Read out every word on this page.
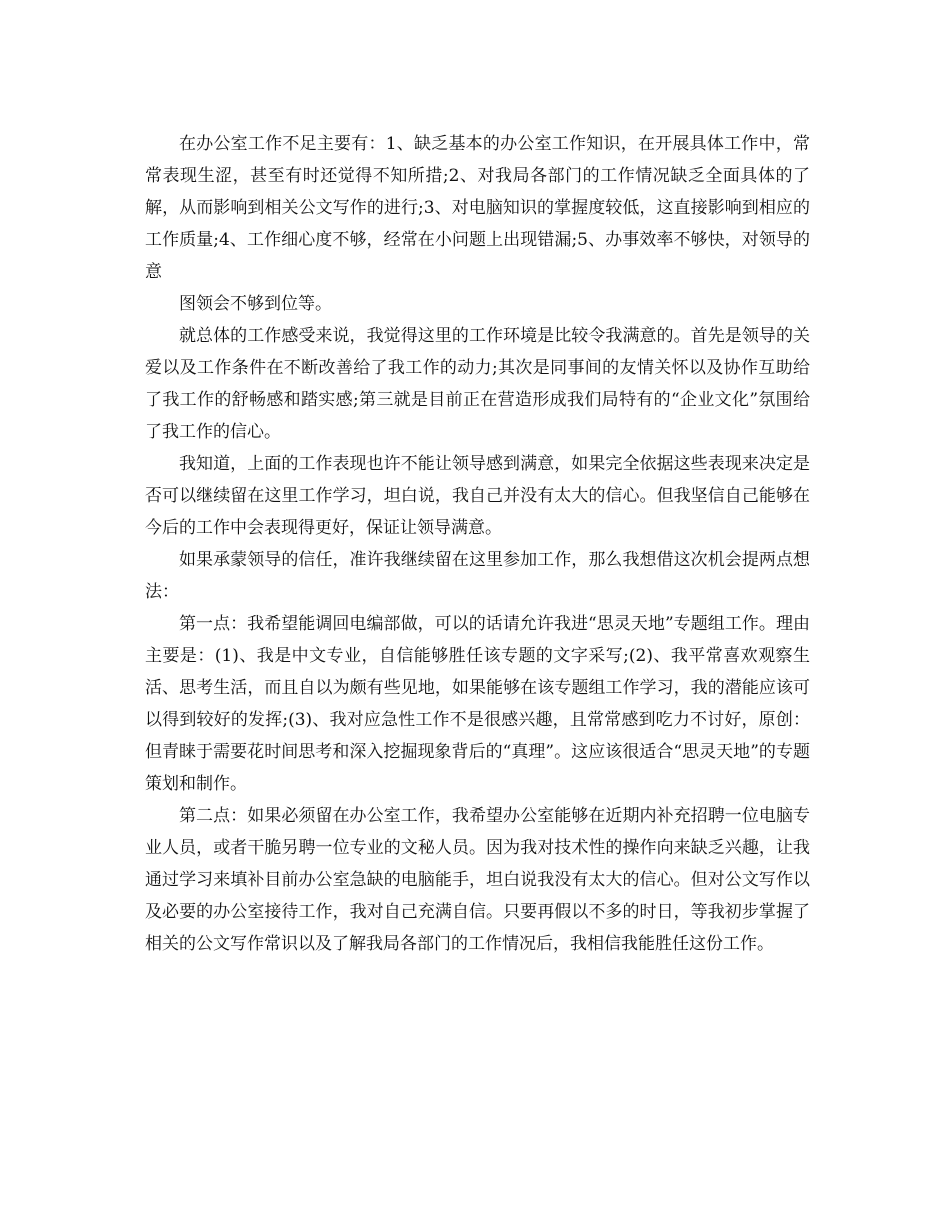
在办公室工作不足主要有：1、缺乏基本的办公室工作知识，在开展具体工作中，常常表现生涩，甚至有时还觉得不知所措;2、对我局各部门的工作情况缺乏全面具体的了解，从而影响到相关公文写作的进行;3、对电脑知识的掌握度较低，这直接影响到相应的工作质量;4、工作细心度不够，经常在小问题上出现错漏;5、办事效率不够快，对领导的意

图领会不够到位等。

就总体的工作感受来说，我觉得这里的工作环境是比较令我满意的。首先是领导的关爱以及工作条件在不断改善给了我工作的动力;其次是同事间的友情关怀以及协作互助给了我工作的舒畅感和踏实感;第三就是目前正在营造形成我们局特有的“企业文化”氛围给了我工作的信心。

我知道，上面的工作表现也许不能让领导感到满意，如果完全依据这些表现来决定是否可以继续留在这里工作学习，坦白说，我自己并没有太大的信心。但我坚信自己能够在今后的工作中会表现得更好，保证让领导满意。

如果承蒙领导的信任，准许我继续留在这里参加工作，那么我想借这次机会提两点想法：

第一点：我希望能调回电编部做，可以的话请允许我进“思灵天地”专题组工作。理由主要是：(1)、我是中文专业，自信能够胜任该专题的文字采写;(2)、我平常喜欢观察生活、思考生活，而且自以为颇有些见地，如果能够在该专题组工作学习，我的潜能应该可以得到较好的发挥;(3)、我对应急性工作不是很感兴趣，且常常感到吃力不讨好，原创： 但青睐于需要花时间思考和深入挖掘现象背后的“真理”。这应该很适合“思灵天地”的专题策划和制作。

第二点：如果必须留在办公室工作，我希望办公室能够在近期内补充招聘一位电脑专业人员，或者干脆另聘一位专业的文秘人员。因为我对技术性的操作向来缺乏兴趣，让我通过学习来填补目前办公室急缺的电脑能手，坦白说我没有太大的信心。但对公文写作以及必要的办公室接待工作，我对自己充满自信。只要再假以不多的时日，等我初步掌握了相关的公文写作常识以及了解我局各部门的工作情况后，我相信我能胜任这份工作。
